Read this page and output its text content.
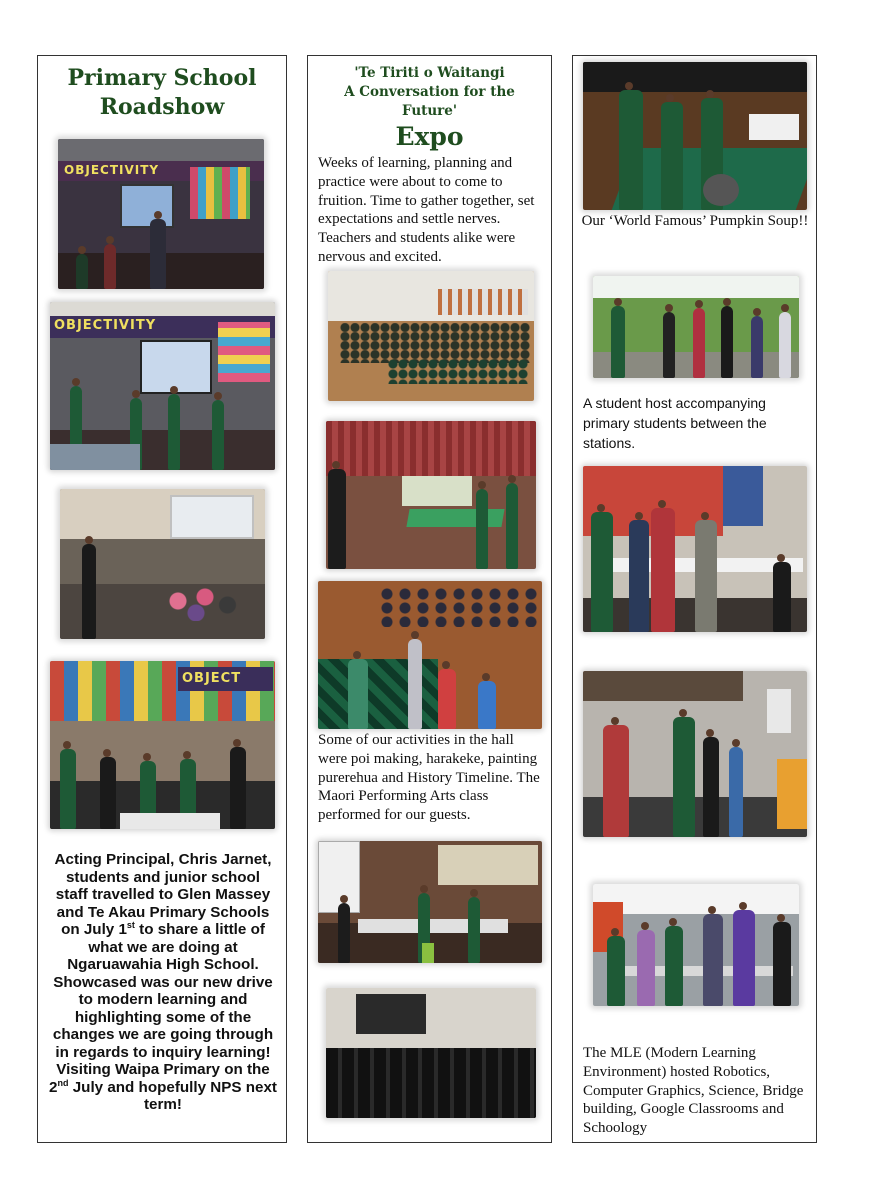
Primary School
Roadshow
OBJECTIVITY
OBJECTIVITY
OBJECT
Acting Principal, Chris Jarnet, students and junior school staff travelled to Glen Massey and Te Akau Primary Schools on July 1st to share a little of what we are doing at Ngaruawahia High School. Showcased was our new drive to modern learning and highlighting some of the changes we are going through in regards to inquiry learning! Visiting Waipa Primary on the 2nd July and hopefully NPS next term!
'Te Tiriti o Waitangi
A Conversation for the
Future'
Expo
Weeks of learning, planning and practice were about to come to fruition. Time to gather together, set expectations and settle nerves. Teachers and students alike were nervous and excited.
Some of our activities in the hall were poi making, harakeke, painting purerehua and History Timeline. The Maori Performing Arts class performed for our guests.
Our ‘World Famous’ Pumpkin Soup!!
A student host accompanying primary students between the stations.
The MLE (Modern Learning Environment) hosted Robotics, Computer Graphics, Science, Bridge building, Google Classrooms and Schoology
